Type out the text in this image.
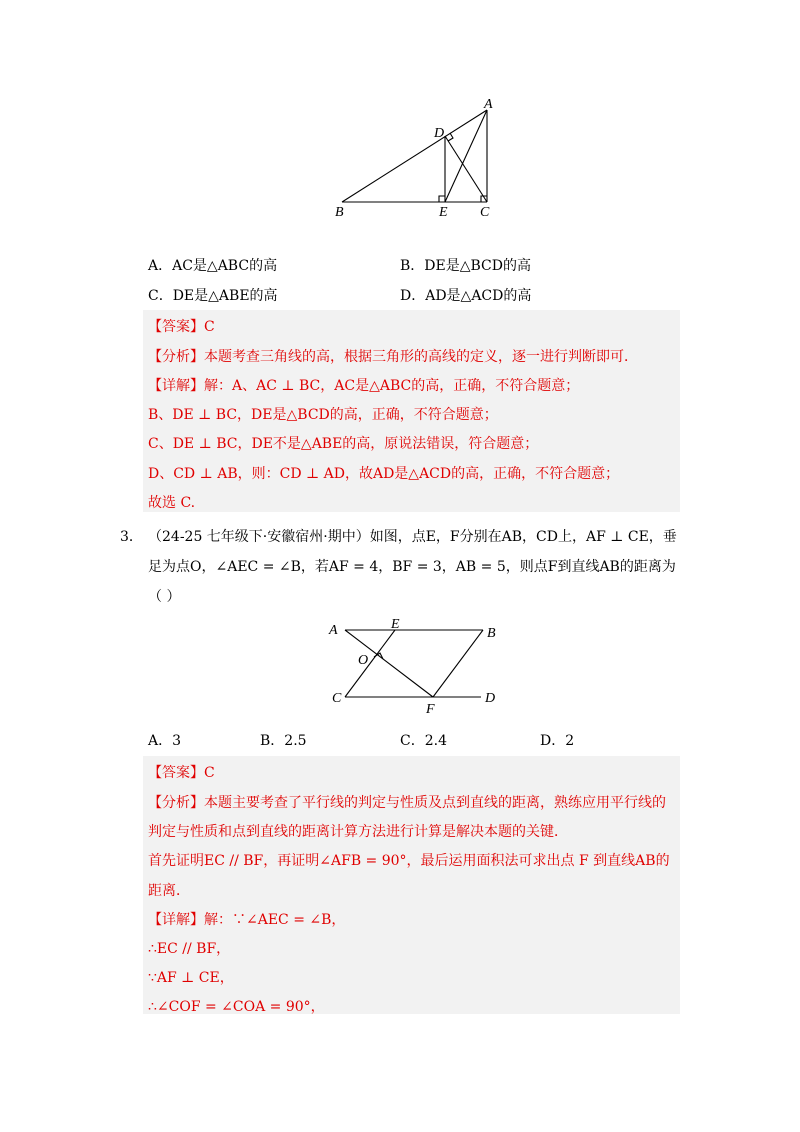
A
B	C
D
E
A．AC是△ABC的高	B．DE是△BCD的高
C．DE是△ABE的高	D．AD是△ACD的高
【答案】C
【分析】本题考查三角线的高，根据三角形的高线的定义，逐一进行判断即可．
【详解】解：A、AC ⊥ BC，AC是△ABC的高，正确，不符合题意；
B、DE ⊥ BC，DE是△BCD的高，正确，不符合题意；
C、DE ⊥ BC，DE不是△ABE的高，原说法错误，符合题意；
D、CD ⊥ AB，则：CD ⊥ AD，故AD是△ACD的高，正确，不符合题意；
故选 C.
3． （24-25 七年级下·安徽宿州·期中）如图，点E，F分别在AB，CD上，AF ⊥ CE，垂
足为点O，∠AEC = ∠B，若AF = 4，BF = 3，AB = 5，则点F到直线AB的距离为
（ ）
A	E
B
O
C
F
D
A．3	B．2.5	C．2.4	D．2
【答案】C
【分析】本题主要考查了平行线的判定与性质及点到直线的距离，熟练应用平行线的
判定与性质和点到直线的距离计算方法进行计算是解决本题的关键．
首先证明EC // BF，再证明∠AFB = 90°，最后运用面积法可求出点 F 到直线AB的
距离．
【详解】解：∵∠AEC = ∠B，
∴EC // BF，
∵AF ⊥ CE，
∴∠COF = ∠COA = 90°，
